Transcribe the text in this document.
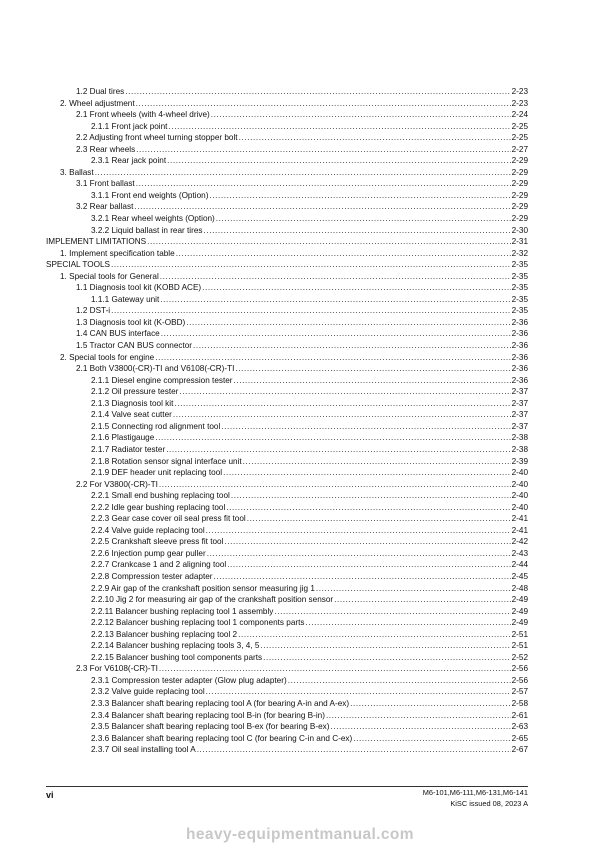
1.2 Dual tires .....	2-23
2. Wheel adjustment .....	2-23
2.1 Front wheels (with 4-wheel drive) .....	2-24
2.1.1 Front jack point .....	2-25
2.2 Adjusting front wheel turning stopper bolt .....	2-25
2.3 Rear wheels .....	2-27
2.3.1 Rear jack point .....	2-29
3. Ballast .....	2-29
3.1 Front ballast .....	2-29
3.1.1 Front end weights (Option) .....	2-29
3.2 Rear ballast .....	2-29
3.2.1 Rear wheel weights (Option) .....	2-29
3.2.2 Liquid ballast in rear tires .....	2-30
IMPLEMENT LIMITATIONS .....	2-31
1. Implement specification table .....	2-32
SPECIAL TOOLS .....	2-35
1. Special tools for General .....	2-35
1.1 Diagnosis tool kit (KOBD ACE) .....	2-35
1.1.1 Gateway unit .....	2-35
1.2 DST-i .....	2-35
1.3 Diagnosis tool kit (K-OBD) .....	2-36
1.4 CAN BUS interface .....	2-36
1.5 Tractor CAN BUS connector .....	2-36
2. Special tools for engine .....	2-36
2.1 Both V3800(-CR)-TI and V6108(-CR)-TI .....	2-36
2.1.1 Diesel engine compression tester .....	2-36
2.1.2 Oil pressure tester .....	2-37
2.1.3 Diagnosis tool kit .....	2-37
2.1.4 Valve seat cutter .....	2-37
2.1.5 Connecting rod alignment tool .....	2-37
2.1.6 Plastigauge .....	2-38
2.1.7 Radiator tester .....	2-38
2.1.8 Rotation sensor signal interface unit .....	2-39
2.1.9 DEF header unit replacing tool .....	2-40
2.2 For V3800(-CR)-TI .....	2-40
2.2.1 Small end bushing replacing tool .....	2-40
2.2.2 Idle gear bushing replacing tool .....	2-40
2.2.3 Gear case cover oil seal press fit tool .....	2-41
2.2.4 Valve guide replacing tool .....	2-41
2.2.5 Crankshaft sleeve press fit tool .....	2-42
2.2.6 Injection pump gear puller .....	2-43
2.2.7 Crankcase 1 and 2 aligning tool .....	2-44
2.2.8 Compression tester adapter .....	2-45
2.2.9 Air gap of the crankshaft position sensor measuring jig 1 .....	2-48
2.2.10 Jig 2 for measuring air gap of the crankshaft position sensor .....	2-49
2.2.11 Balancer bushing replacing tool 1 assembly .....	2-49
2.2.12 Balancer bushing replacing tool 1 components parts .....	2-49
2.2.13 Balancer bushing replacing tool 2 .....	2-51
2.2.14 Balancer bushing replacing tools 3, 4, 5 .....	2-51
2.2.15 Balancer bushing tool components parts .....	2-52
2.3 For V6108(-CR)-TI .....	2-56
2.3.1 Compression tester adapter (Glow plug adapter) .....	2-56
2.3.2 Valve guide replacing tool .....	2-57
2.3.3 Balancer shaft bearing replacing tool A (for bearing A-in and A-ex) .....	2-58
2.3.4 Balancer shaft bearing replacing tool B-in (for bearing B-in) .....	2-61
2.3.5 Balancer shaft bearing replacing tool B-ex (for bearing B-ex) .....	2-63
2.3.6 Balancer shaft bearing replacing tool C (for bearing C-in and C-ex) .....	2-65
2.3.7 Oil seal installing tool A .....	2-67
vi	M6-101,M6-111,M6-131,M6-141
KiSC issued 08, 2023 A
heavy-equipmentmanual.com
